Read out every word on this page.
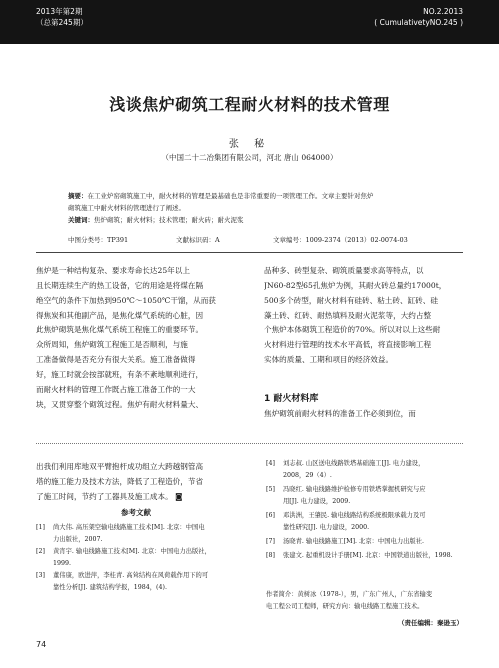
2013年第2期
（总第245期）
NO.2.2013
( CumulativetyNO.245 )
浅谈焦炉砌筑工程耐火材料的技术管理
张 秘
（中国二十二冶集团有限公司，河北 唐山 064000）
摘要：在工业炉窑砌筑施工中，耐火材料的管理是最基础也是非常重要的一项管理工作。文章主要针对焦炉
砌筑施工中耐火材料的管理进行了阐述。
关键词：焦炉砌筑；耐火材料；技术管理；耐火砖；耐火泥浆
中图分类号：TP391	文献标识码：A	文章编号：1009-2374（2013）02-0074-03
焦炉是一种结构复杂、要求寿命长达25年以上
且长期连续生产的热工设备，它的用途是将煤在隔
绝空气的条件下加热到950℃～1050℃干馏，从而获
得焦炭和其他副产品，是焦化煤气系统的心脏，因
此焦炉砌筑是焦化煤气系统工程施工的重要环节。
众所周知，焦炉砌筑工程施工是否顺利，与施
工准备做得是否充分有很大关系。施工准备做得
好，施工时就会按部就班，有条不紊地顺利进行，
而耐火材料的管理工作既占施工准备工作的一大
块，又贯穿整个砌筑过程。焦炉有耐火材料量大、
品种多、砖型复杂、砌筑质量要求高等特点，以
JN60-82型65孔焦炉为例，其耐火砖总量约17000t，
500多个砖型，耐火材料有硅砖、粘土砖、缸砖、硅
藻土砖、红砖、耐热填料及耐火泥浆等，大约占整
个焦炉本体砌筑工程造价的70%。所以对以上这些耐
火材料进行管理的技术水平高低，将直接影响工程
实体的质量、工期和项目的经济效益。
1 耐火材料库
焦炉砌筑前耐火材料的准备工作必须到位，而
出我们利用库地双平臂抱杆成功组立大跨越钢管高
塔的施工能力及技术方法，降低了工程造价，节省
了施工时间，节约了工器具及施工成本。 ◙
参考文献
[1] 尚大伟. 高压架空输电线路施工技术[M]. 北京：中国电
力出版社，2007.
[2] 黄宵宇. 输电线路施工技术[M]. 北京：中国电力出版社，
1999.
[3] 董伟康，欧进萍，李桂青. 高耸结构在风荷载作用下的可
靠性分析[J]. 建筑结构学报，1984，(4).
[4] 刘志叔. 山区送电线路铁塔基础施工[J]. 电力建设，
2008，29（4）.
[5] 冯晓红. 输电线路维护检修专用铁塔掌握机研究与应
用[J]. 电力建设，2009.
[6] 邓洪洲，王肇民. 输电线路结构系统极限承载力及可
靠性研究[J]. 电力建设，2000.
[7] 汤晓青. 输电线路施工[M]. 北京：中国电力出版社.
[8] 张建文. 起重机设计手册[M]. 北京：中国铁道出版社，1998.
作者简介：黄树冰（1978-），男，广东广州人，广东省输变
电工程公司工程师，研究方向：输电线路工程施工技术。
（责任编辑：秦逊玉）
74
